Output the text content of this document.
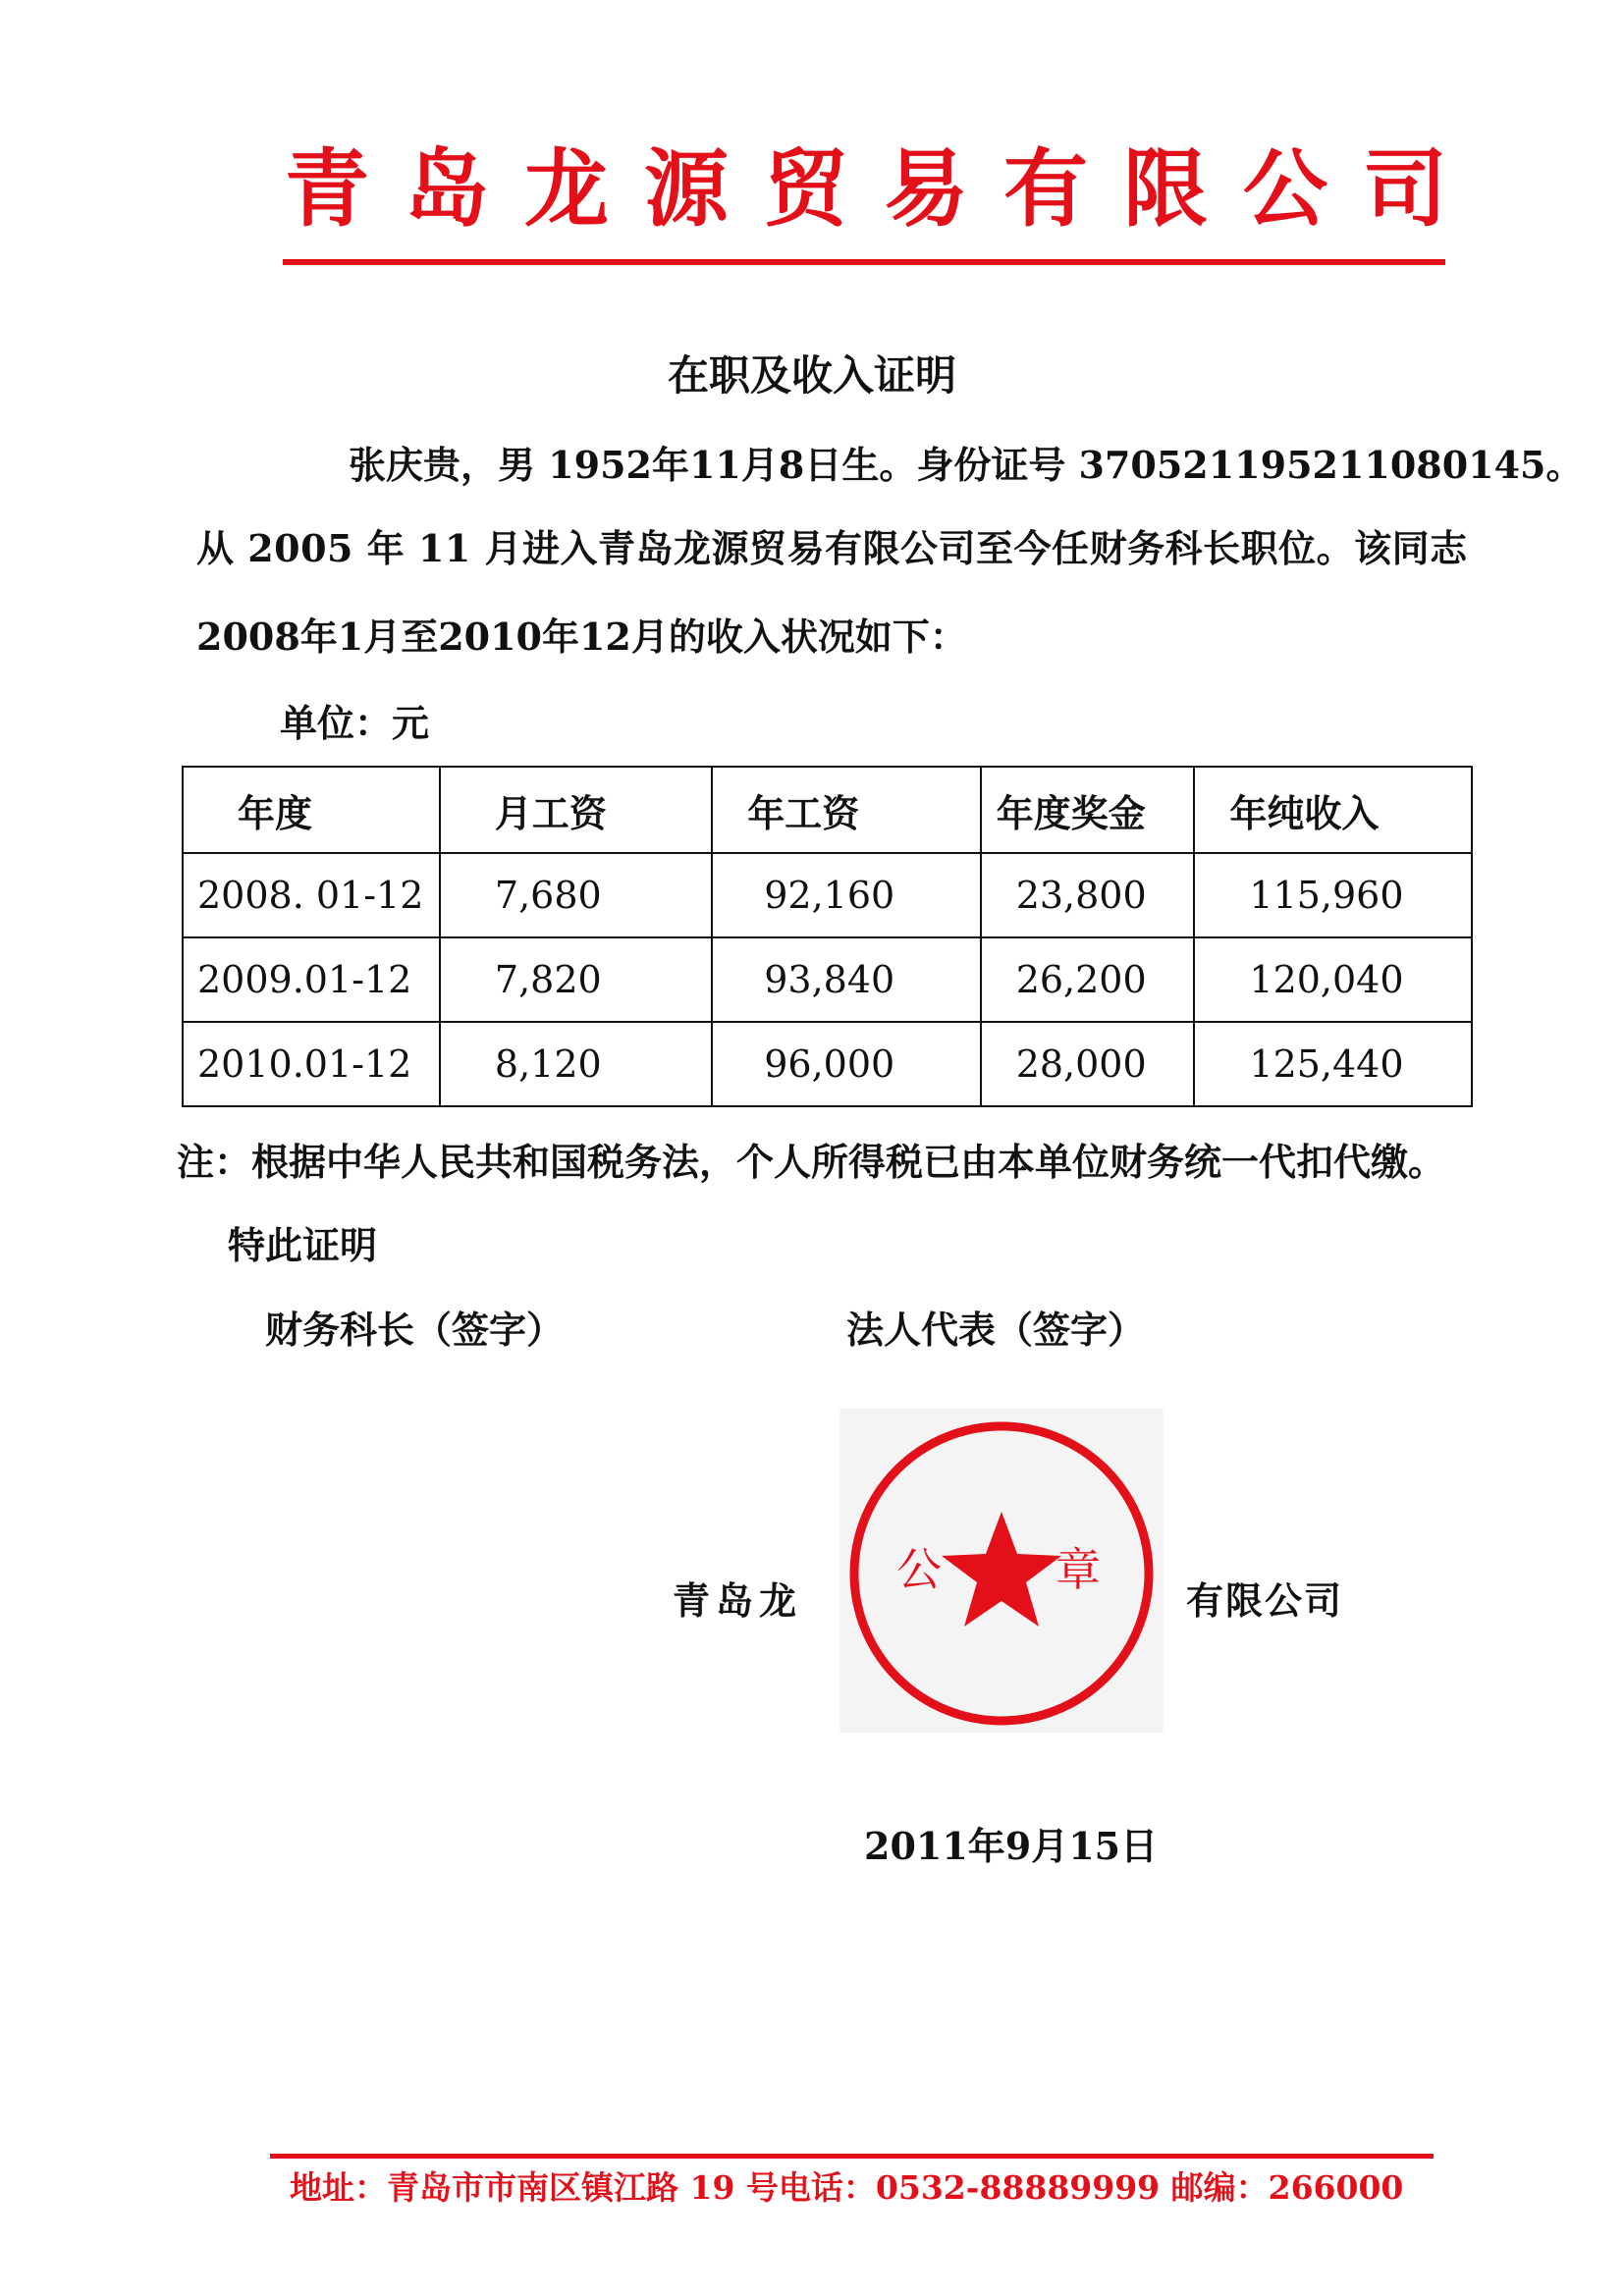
青岛龙源贸易有限公司
在职及收入证明
张庆贵，男 1952年11月8日生。身份证号 370521195211080145。
从 2005 年 11 月进入青岛龙源贸易有限公司至今任财务科长职位。该同志
2008年1月至2010年12月的收入状况如下：
单位：元
年度	月工资	年工资	年度奖金	年纯收入
2008. 01-12	7,680	92,160	23,800	115,960
2009.01-12	7,820	93,840	26,200	120,040
2010.01-12	8,120	96,000	28,000	125,440
注：根据中华人民共和国税务法，个人所得税已由本单位财务统一代扣代缴。
特此证明
财务科长（签字）	法人代表（签字）
青岛龙
公	章
有限公司
2011年9月15日
地址：青岛市市南区镇江路 19 号电话：0532-88889999 邮编：266000
